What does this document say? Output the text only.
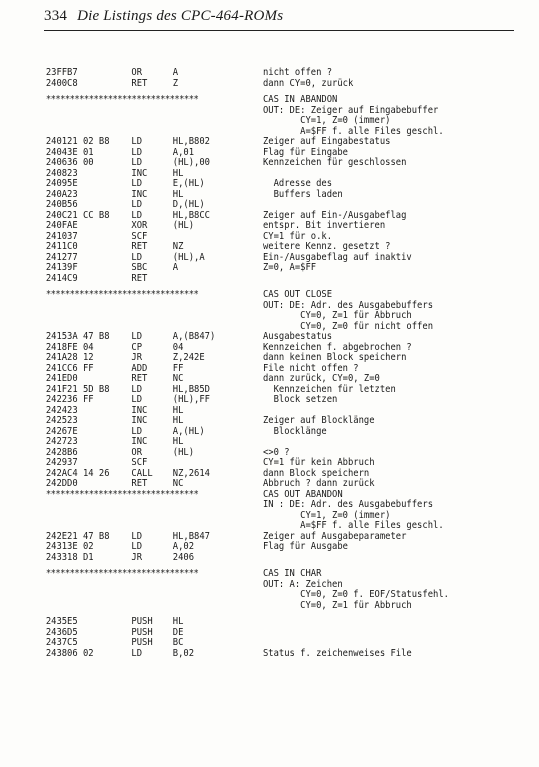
334 Die Listings des CPC-464-ROMs
23FF B7	OR	A	nicht offen ?
2400 C8	RET	Z	dann CY=0, zurück
********************************	CAS IN ABANDON
OUT: DE: Zeiger auf Eingabebuffer
CY=1, Z=0 (immer)
A=$FF f. alle Files geschl.
2401 21 02 B8 LD	HL,B802	Zeiger auf Eingabestatus
2404 3E 01	LD	A,01	Flag für Eingabe
2406 36 00	LD	(HL),00	Kennzeichen für geschlossen
2408 23	INC	HL
2409 5E	LD	E,(HL)	Adresse des
240A 23	INC	HL	Buffers laden
240B 56	LD	D,(HL)
240C 21 CC B8 LD	HL,B8CC	Zeiger auf Ein-/Ausgabeflag
240F AE	XOR	(HL)	entspr. Bit invertieren
2410 37	SCF	CY=1 für o.k.
2411 C0	RET	NZ	weitere Kennz. gesetzt ?
2412 77	LD	(HL),A	Ein-/Ausgabeflag auf inaktiv
2413 9F	SBC	A	Z=0, A=$FF
2414 C9	RET
********************************	CAS OUT CLOSE
OUT: DE: Adr. des Ausgabebuffers
CY=0, Z=1 für Abbruch
CY=0, Z=0 für nicht offen
2415 3A 47 B8 LD	A,(B847)	Ausgabestatus
2418 FE 04	CP	04	Kennzeichen f. abgebrochen ?
241A 28 12	JR	Z,242E	dann keinen Block speichern
241C C6 FF	ADD	FF	File nicht offen ?
241E D0	RET	NC	dann zurück, CY=0, Z=0
241F 21 5D B8 LD	HL,B85D	Kennzeichen für letzten
2422 36 FF	LD	(HL),FF	Block setzen
2424 23	INC	HL
2425 23	INC	HL	Zeiger auf Blocklänge
2426 7E	LD	A,(HL)	Blocklänge
2427 23	INC	HL
2428 B6	OR	(HL)	<>0 ?
2429 37	SCF	CY=1 für kein Abbruch
242A C4 14 26 CALL NZ,2614	dann Block speichern
242D D0	RET	NC	Abbruch ? dann zurück
********************************	CAS OUT ABANDON
IN : DE: Adr. des Ausgabebuffers
CY=1, Z=0 (immer)
A=$FF f. alle Files geschl.
242E 21 47 B8 LD	HL,B847	Zeiger auf Ausgabeparameter
2431 3E 02	LD	A,02	Flag für Ausgabe
2433 18 D1	JR	2406
********************************	CAS IN CHAR
OUT: A: Zeichen
CY=0, Z=0 f. EOF/Statusfehl.
CY=0, Z=1 für Abbruch
2435 E5	PUSH HL
2436 D5	PUSH DE
2437 C5	PUSH BC
2438 06 02	LD	B,02	Status f. zeichenweises File
